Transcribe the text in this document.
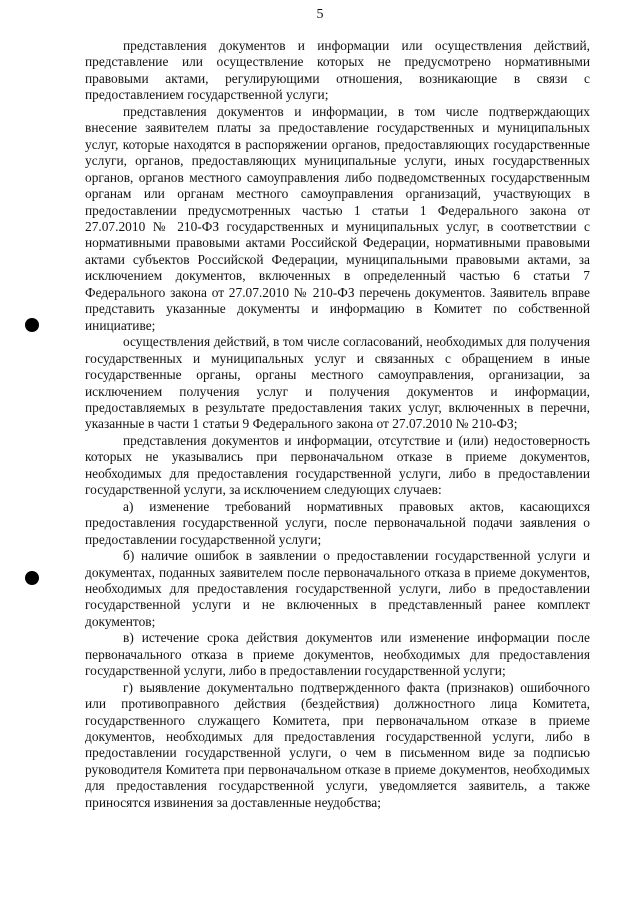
5

представления документов и информации или осуществления действий, представление или осуществление которых не предусмотрено нормативными правовыми актами, регулирующими отношения, возникающие в связи с предоставлением государственной услуги;

представления документов и информации, в том числе подтверждающих внесение заявителем платы за предоставление государственных и муниципальных услуг, которые находятся в распоряжении органов, предоставляющих государственные услуги, органов, предоставляющих муниципальные услуги, иных государственных органов, органов местного самоуправления либо подведомственных государственным органам или органам местного самоуправления организаций, участвующих в предоставлении предусмотренных частью 1 статьи 1 Федерального закона от 27.07.2010 № 210-ФЗ государственных и муниципальных услуг, в соответствии с нормативными правовыми актами Российской Федерации, нормативными правовыми актами субъектов Российской Федерации, муниципальными правовыми актами, за исключением документов, включенных в определенный частью 6 статьи 7 Федерального закона от 27.07.2010 № 210-ФЗ перечень документов. Заявитель вправе представить указанные документы и информацию в Комитет по собственной инициативе;

осуществления действий, в том числе согласований, необходимых для получения государственных и муниципальных услуг и связанных с обращением в иные государственные органы, органы местного самоуправления, организации, за исключением получения услуг и получения документов и информации, предоставляемых в результате предоставления таких услуг, включенных в перечни, указанные в части 1 статьи 9 Федерального закона от 27.07.2010 № 210-ФЗ;

представления документов и информации, отсутствие и (или) недостоверность которых не указывались при первоначальном отказе в приеме документов, необходимых для предоставления государственной услуги, либо в предоставлении государственной услуги, за исключением следующих случаев:

а) изменение требований нормативных правовых актов, касающихся предоставления государственной услуги, после первоначальной подачи заявления о предоставлении государственной услуги;

б) наличие ошибок в заявлении о предоставлении государственной услуги и документах, поданных заявителем после первоначального отказа в приеме документов, необходимых для предоставления государственной услуги, либо в предоставлении государственной услуги и не включенных в представленный ранее комплект документов;

в) истечение срока действия документов или изменение информации после первоначального отказа в приеме документов, необходимых для предоставления государственной услуги, либо в предоставлении государственной услуги;

г) выявление документально подтвержденного факта (признаков) ошибочного или противоправного действия (бездействия) должностного лица Комитета, государственного служащего Комитета, при первоначальном отказе в приеме документов, необходимых для предоставления государственной услуги, либо в предоставлении государственной услуги, о чем в письменном виде за подписью руководителя Комитета при первоначальном отказе в приеме документов, необходимых для предоставления государственной услуги, уведомляется заявитель, а также приносятся извинения за доставленные неудобства;
